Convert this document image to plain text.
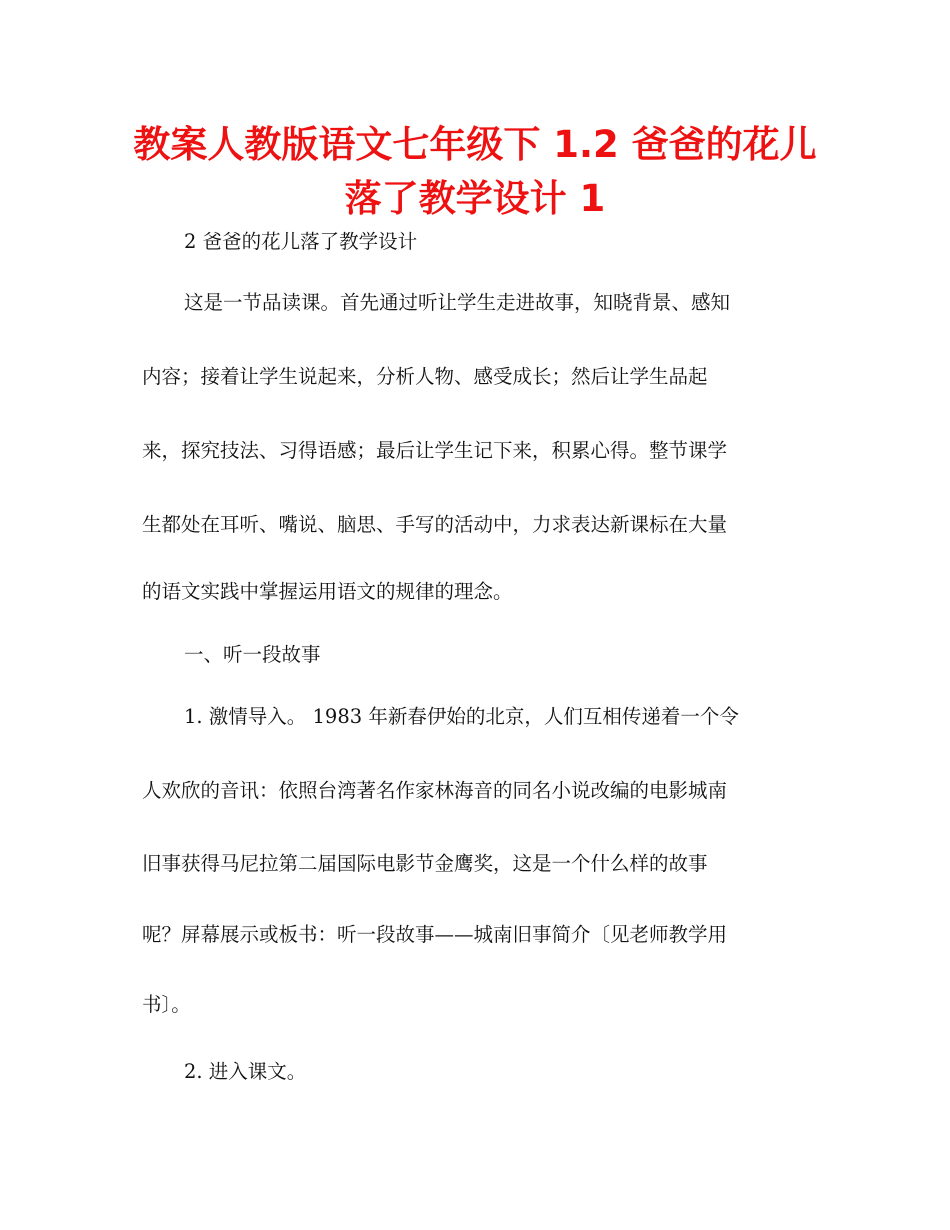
教案人教版语文七年级下 1.2 爸爸的花儿
落了教学设计 1

2 爸爸的花儿落了教学设计

这是一节品读课。首先通过听让学生走进故事，知晓背景、感知

内容；接着让学生说起来，分析人物、感受成长；然后让学生品起

来，探究技法、习得语感；最后让学生记下来，积累心得。整节课学

生都处在耳听、嘴说、脑思、手写的活动中，力求表达新课标在大量

的语文实践中掌握运用语文的规律的理念。

一、听一段故事

1. 激情导入。 1983 年新春伊始的北京，人们互相传递着一个令

人欢欣的音讯：依照台湾著名作家林海音的同名小说改编的电影城南

旧事获得马尼拉第二届国际电影节金鹰奖，这是一个什么样的故事

呢？屏幕展示或板书：听一段故事——城南旧事简介〔见老师教学用

书〕。

2. 进入课文。
